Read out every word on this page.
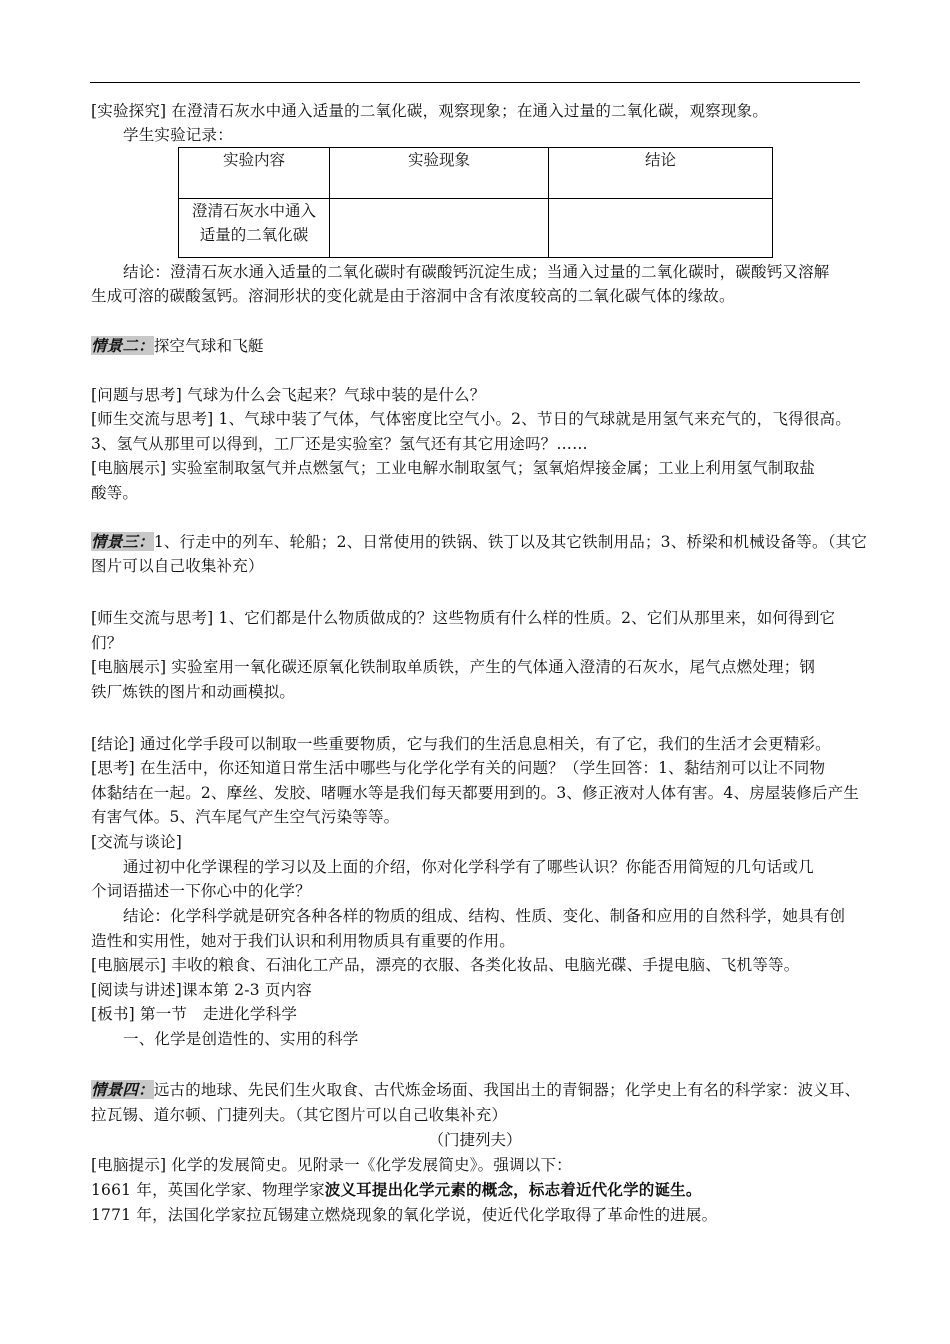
[实验探究] 在澄清石灰水中通入适量的二氧化碳，观察现象；在通入过量的二氧化碳，观察现象。
学生实验记录：
实验内容	实验现象	结论

澄清石灰水中通入
适量的二氧化碳		

结论：澄清石灰水通入适量的二氧化碳时有碳酸钙沉淀生成；当通入过量的二氧化碳时，碳酸钙又溶解
生成可溶的碳酸氢钙。溶洞形状的变化就是由于溶洞中含有浓度较高的二氧化碳气体的缘故。
情景二：探空气球和飞艇
[问题与思考] 气球为什么会飞起来？气球中装的是什么？
[师生交流与思考] 1、气球中装了气体，气体密度比空气小。2、节日的气球就是用氢气来充气的，飞得很高。
3、氢气从那里可以得到，工厂还是实验室？氢气还有其它用途吗？……
[电脑展示] 实验室制取氢气并点燃氢气；工业电解水制取氢气；氢氧焰焊接金属；工业上利用氢气制取盐
酸等。
情景三：1、行走中的列车、轮船；2、日常使用的铁锅、铁丁以及其它铁制用品；3、桥梁和机械设备等。（其它
图片可以自己收集补充）
[师生交流与思考] 1、它们都是什么物质做成的？这些物质有什么样的性质。2、它们从那里来，如何得到它
们？
[电脑展示] 实验室用一氧化碳还原氧化铁制取单质铁，产生的气体通入澄清的石灰水，尾气点燃处理；钢
铁厂炼铁的图片和动画模拟。
[结论] 通过化学手段可以制取一些重要物质，它与我们的生活息息相关，有了它，我们的生活才会更精彩。
[思考] 在生活中，你还知道日常生活中哪些与化学化学有关的问题？（学生回答：1、黏结剂可以让不同物
体黏结在一起。2、摩丝、发胶、啫喱水等是我们每天都要用到的。3、修正液对人体有害。4、房屋装修后产生
有害气体。5、汽车尾气产生空气污染等等。
[交流与谈论]
通过初中化学课程的学习以及上面的介绍，你对化学科学有了哪些认识？你能否用简短的几句话或几
个词语描述一下你心中的化学？
结论：化学科学就是研究各种各样的物质的组成、结构、性质、变化、制备和应用的自然科学，她具有创
造性和实用性，她对于我们认识和利用物质具有重要的作用。
[电脑展示] 丰收的粮食、石油化工产品，漂亮的衣服、各类化妆品、电脑光碟、手提电脑、飞机等等。
[阅读与讲述]课本第 2-3 页内容
[板书] 第一节　走进化学科学
一、化学是创造性的、实用的科学
情景四：远古的地球、先民们生火取食、古代炼金场面、我国出土的青铜器；化学史上有名的科学家：波义耳、
拉瓦锡、道尔顿、门捷列夫。（其它图片可以自己收集补充）
（门捷列夫）
[电脑提示] 化学的发展简史。见附录一《化学发展简史》。强调以下：
1661 年，英国化学家、物理学家波义耳提出化学元素的概念，标志着近代化学的诞生。
1771 年，法国化学家拉瓦锡建立燃烧现象的氧化学说，使近代化学取得了革命性的进展。
